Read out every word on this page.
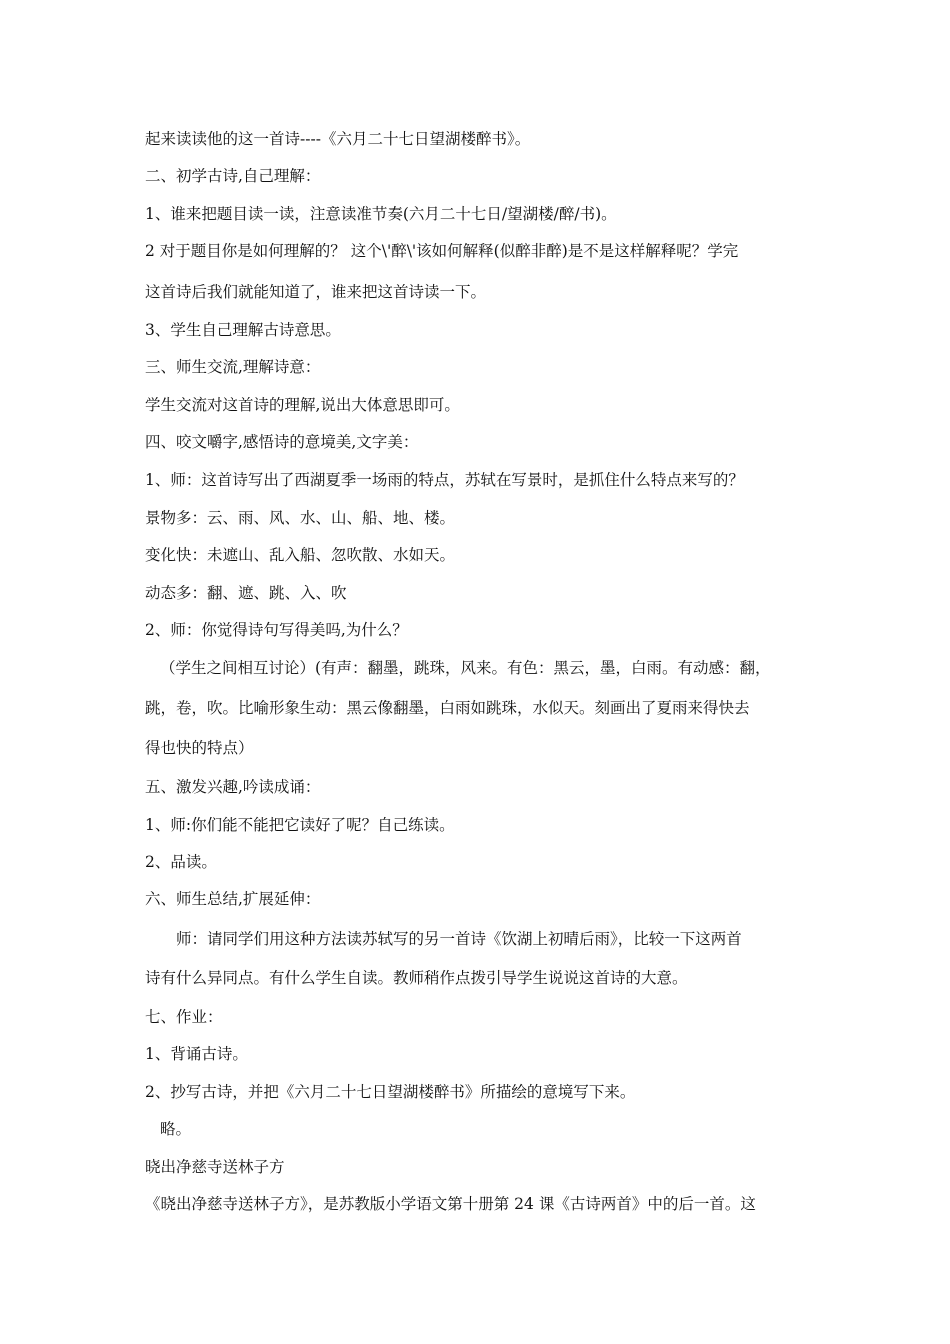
起来读读他的这一首诗----《六月二十七日望湖楼醉书》。
二、初学古诗,自己理解：
1、谁来把题目读一读，注意读准节奏(六月二十七日/望湖楼/醉/书)。
2 对于题目你是如何理解的？ 这个\'醉\'该如何解释(似醉非醉)是不是这样解释呢？学完
这首诗后我们就能知道了，谁来把这首诗读一下。
3、学生自己理解古诗意思。
三、师生交流,理解诗意：
学生交流对这首诗的理解,说出大体意思即可。
四、咬文嚼字,感悟诗的意境美,文字美：
1、师：这首诗写出了西湖夏季一场雨的特点，苏轼在写景时，是抓住什么特点来写的？
景物多：云、雨、风、水、山、船、地、楼。
变化快：未遮山、乱入船、忽吹散、水如天。
动态多：翻、遮、跳、入、吹
2、师：你觉得诗句写得美吗,为什么？
（学生之间相互讨论）(有声：翻墨，跳珠，风来。有色：黑云，墨，白雨。有动感：翻，
跳，卷，吹。比喻形象生动：黑云像翻墨，白雨如跳珠，水似天。刻画出了夏雨来得快去
得也快的特点）
五、激发兴趣,吟读成诵：
1、师:你们能不能把它读好了呢？自己练读。
2、品读。
六、师生总结,扩展延伸：
师：请同学们用这种方法读苏轼写的另一首诗《饮湖上初晴后雨》，比较一下这两首
诗有什么异同点。有什么学生自读。教师稍作点拨引导学生说说这首诗的大意。
七、作业：
1、背诵古诗。
2、抄写古诗，并把《六月二十七日望湖楼醉书》所描绘的意境写下来。
略。
晓出净慈寺送林子方
《晓出净慈寺送林子方》，是苏教版小学语文第十册第 24 课《古诗两首》中的后一首。这
